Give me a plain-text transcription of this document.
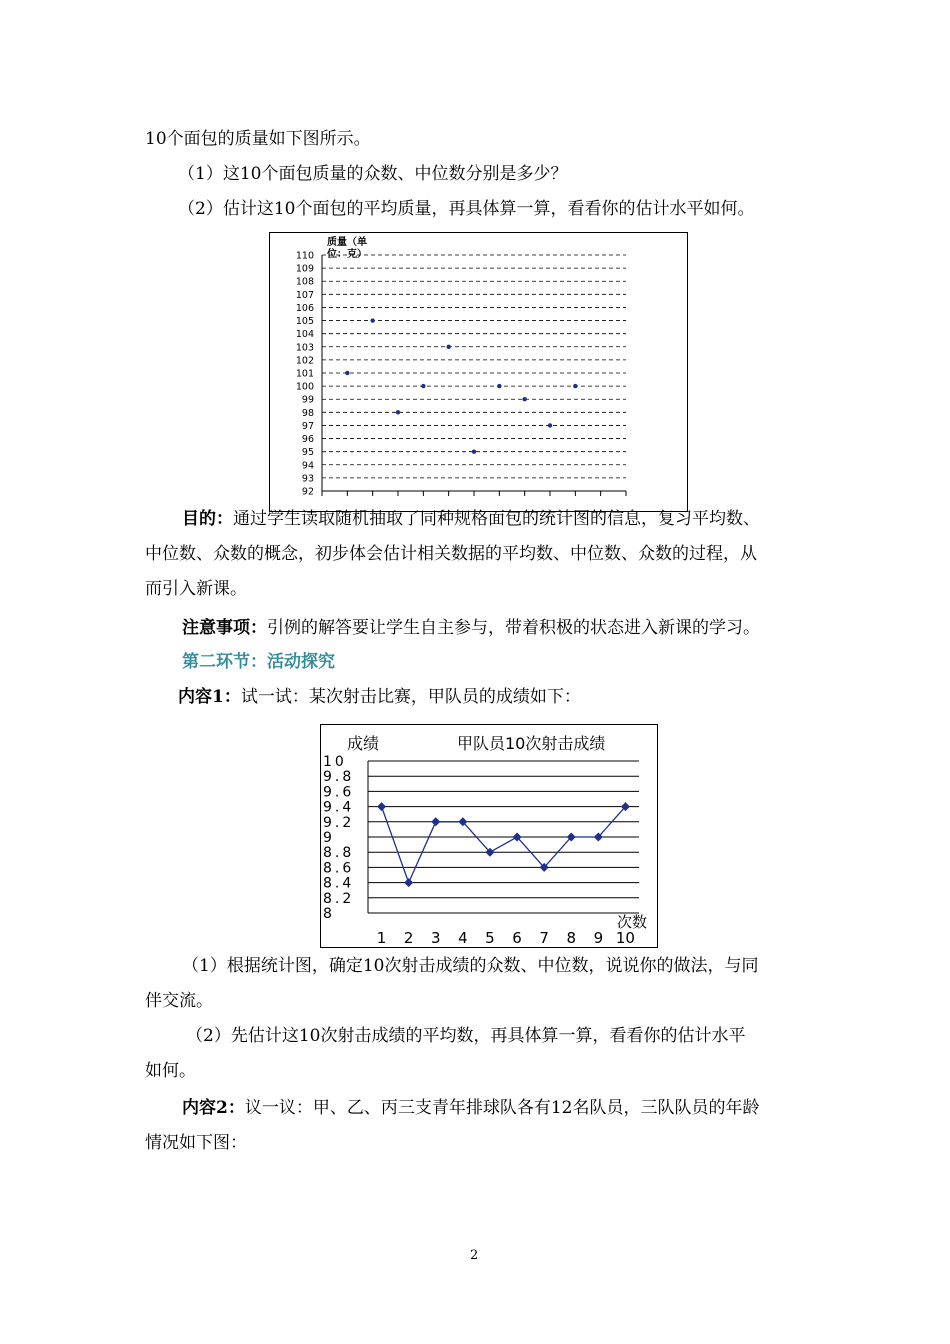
10个面包的质量如下图所示。
（1）这10个面包质量的众数、中位数分别是多少？
（2）估计这10个面包的平均质量，再具体算一算，看看你的估计水平如何。
质量（单
位：克）
92
93
94
95
96
97
98
99
100
101
102
103
104
105
106
107
108
109
110
目的：通过学生读取随机抽取了同种规格面包的统计图的信息，复习平均数、
中位数、众数的概念，初步体会估计相关数据的平均数、中位数、众数的过程，从
而引入新课。
注意事项：引例的解答要让学生自主参与，带着积极的状态进入新课的学习。
第二环节：活动探究
内容1：试一试：某次射击比赛，甲队员的成绩如下：
成绩	甲队员10次射击成绩
8
8.2
8.4
8.6
8.8
9
9.2
9.4
9.6
9.8
10
1 2 3 4 5 6 7 8 9 10
次数
（1）根据统计图，确定10次射击成绩的众数、中位数，说说你的做法，与同
伴交流。
（2）先估计这10次射击成绩的平均数，再具体算一算，看看你的估计水平
如何。
内容2：议一议：甲、乙、丙三支青年排球队各有12名队员，三队队员的年龄
情况如下图：
2
